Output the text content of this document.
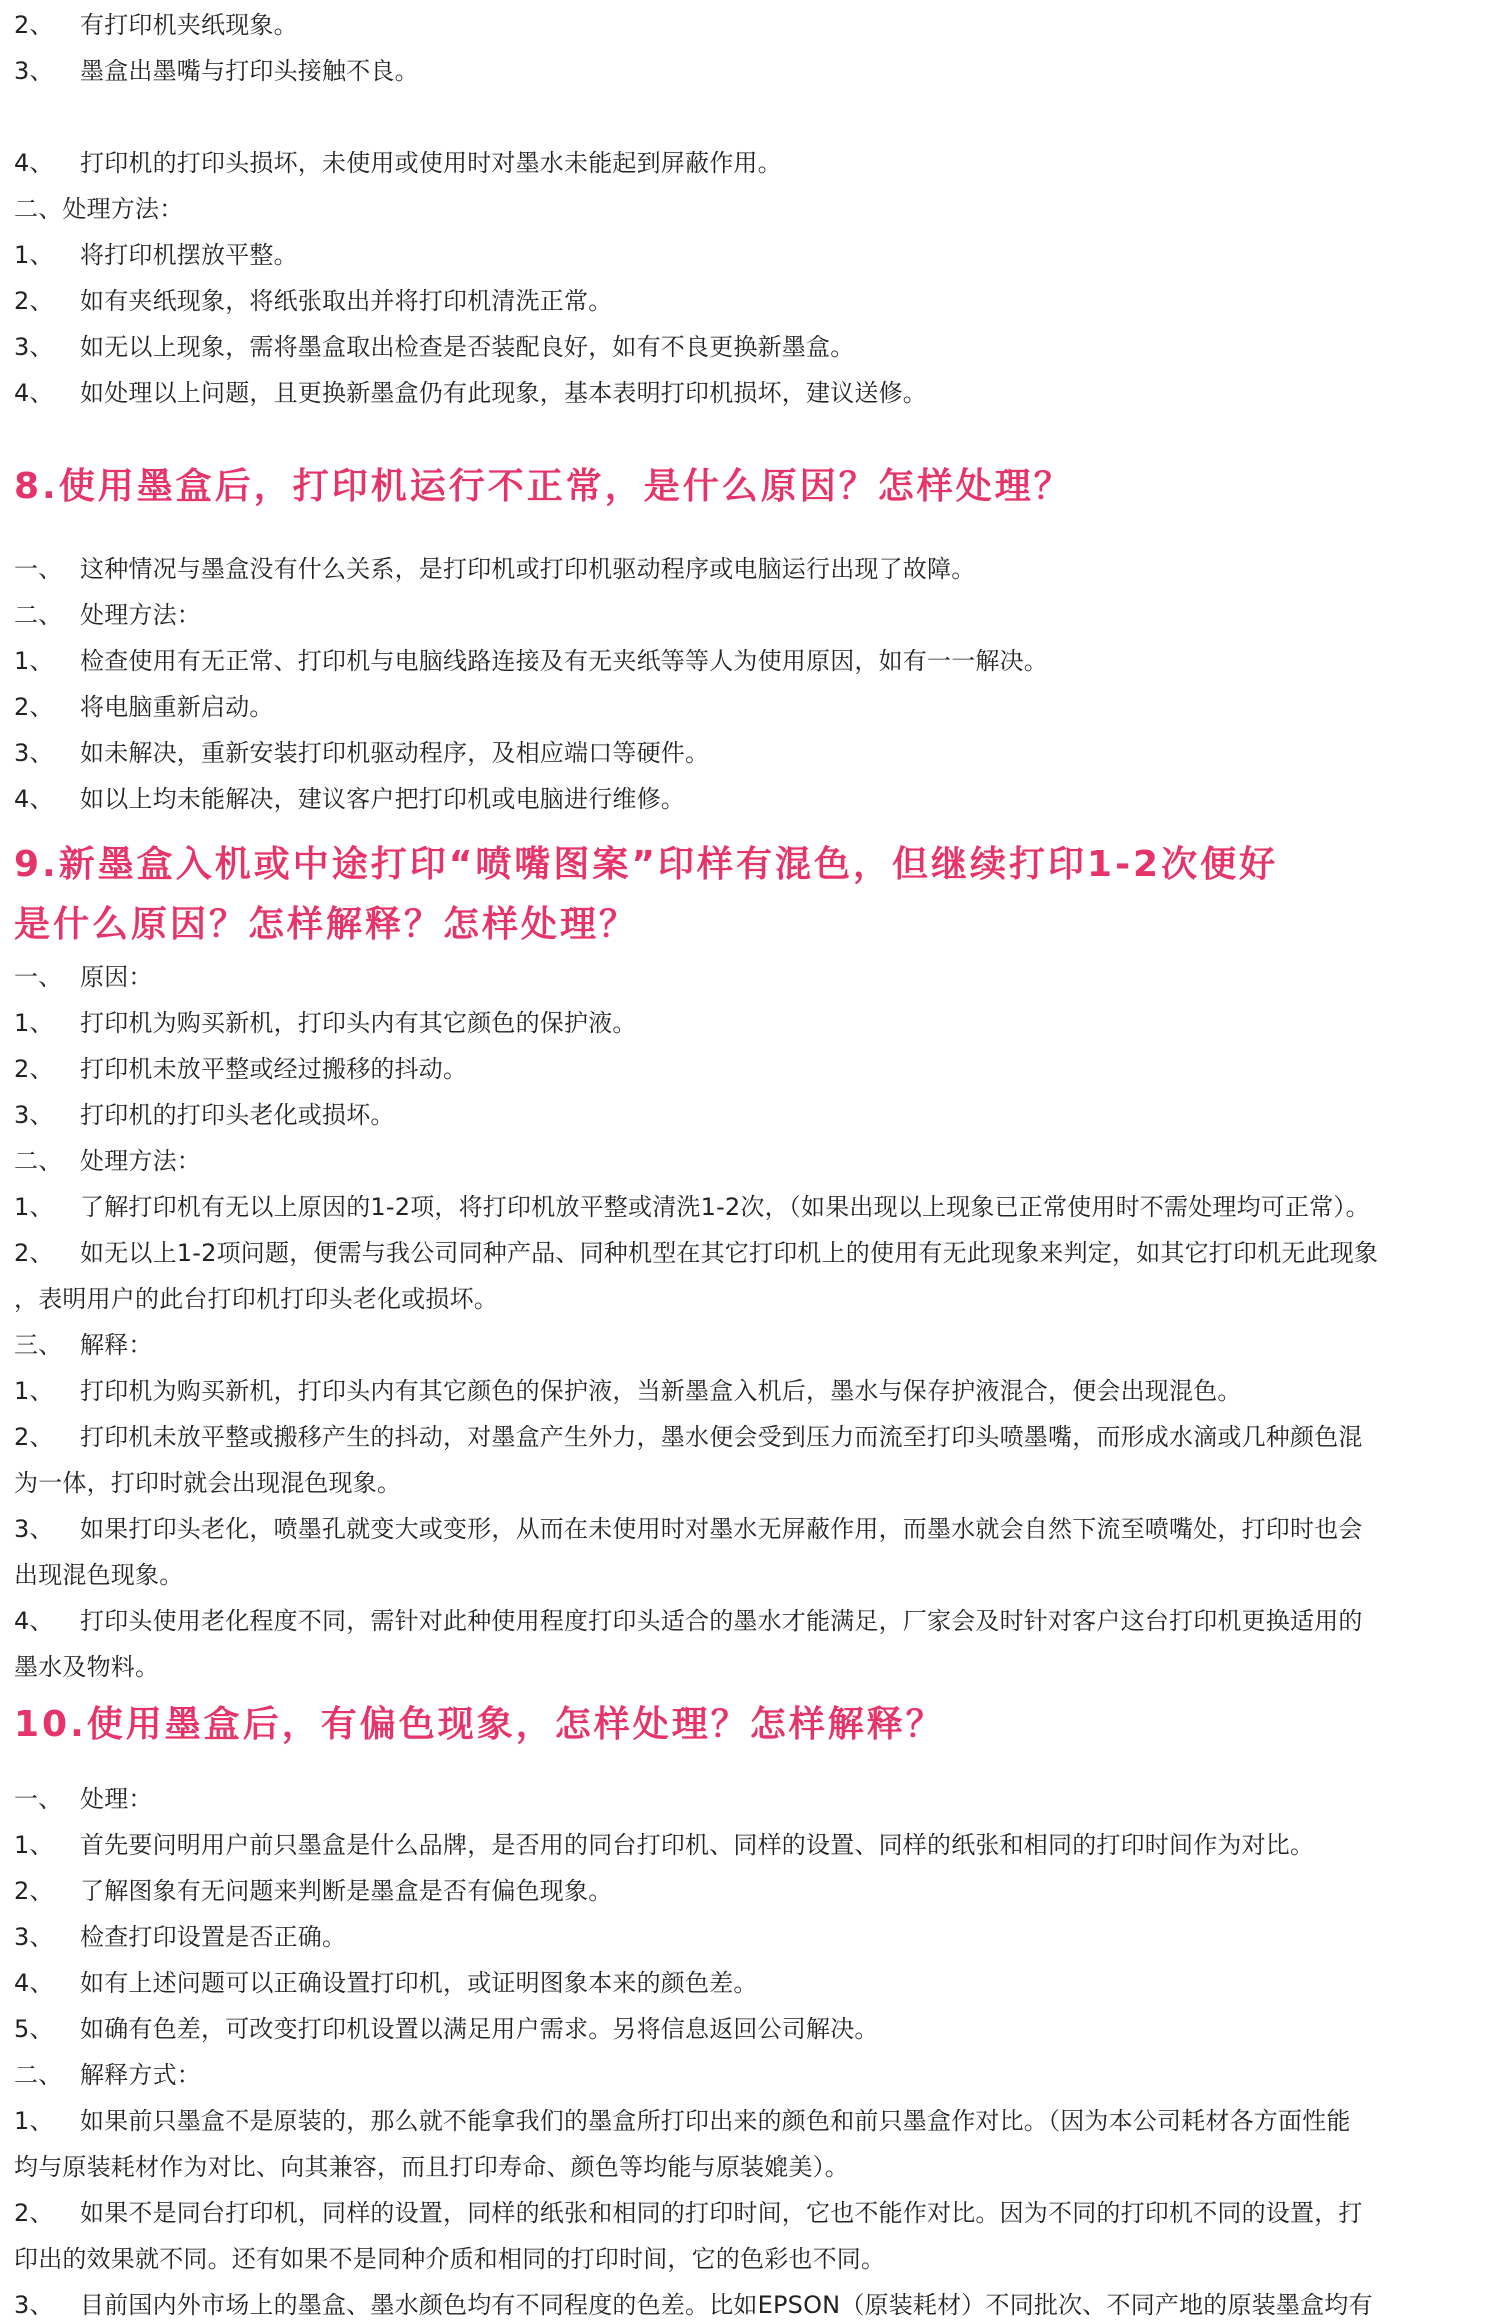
2、 有打印机夹纸现象。
3、 墨盒出墨嘴与打印头接触不良。
4、 打印机的打印头损坏，未使用或使用时对墨水未能起到屏蔽作用。
二、处理方法：
1、 将打印机摆放平整。
2、 如有夹纸现象，将纸张取出并将打印机清洗正常。
3、 如无以上现象，需将墨盒取出检查是否装配良好，如有不良更换新墨盒。
4、 如处理以上问题，且更换新墨盒仍有此现象，基本表明打印机损坏，建议送修。
一、 这种情况与墨盒没有什么关系，是打印机或打印机驱动程序或电脑运行出现了故障。
二、 处理方法：
1、 检查使用有无正常、打印机与电脑线路连接及有无夹纸等等人为使用原因，如有一一解决。
2、 将电脑重新启动。
3、 如未解决，重新安装打印机驱动程序，及相应端口等硬件。
4、 如以上均未能解决，建议客户把打印机或电脑进行维修。
一、 原因：
1、 打印机为购买新机，打印头内有其它颜色的保护液。
2、 打印机未放平整或经过搬移的抖动。
3、 打印机的打印头老化或损坏。
二、 处理方法：
1、 了解打印机有无以上原因的1-2项，将打印机放平整或清洗1-2次，（如果出现以上现象已正常使用时不需处理均可正常）。
2、 如无以上1-2项问题，便需与我公司同种产品、同种机型在其它打印机上的使用有无此现象来判定，如其它打印机无此现象
，表明用户的此台打印机打印头老化或损坏。
三、 解释：
1、 打印机为购买新机，打印头内有其它颜色的保护液，当新墨盒入机后，墨水与保存护液混合，便会出现混色。
2、 打印机未放平整或搬移产生的抖动，对墨盒产生外力，墨水便会受到压力而流至打印头喷墨嘴，而形成水滴或几种颜色混
为一体，打印时就会出现混色现象。
3、 如果打印头老化，喷墨孔就变大或变形，从而在未使用时对墨水无屏蔽作用，而墨水就会自然下流至喷嘴处，打印时也会
出现混色现象。
4、 打印头使用老化程度不同，需针对此种使用程度打印头适合的墨水才能满足，厂家会及时针对客户这台打印机更换适用的
墨水及物料。
一、 处理：
1、 首先要问明用户前只墨盒是什么品牌，是否用的同台打印机、同样的设置、同样的纸张和相同的打印时间作为对比。
2、 了解图象有无问题来判断是墨盒是否有偏色现象。
3、 检查打印设置是否正确。
4、 如有上述问题可以正确设置打印机，或证明图象本来的颜色差。
5、 如确有色差，可改变打印机设置以满足用户需求。另将信息返回公司解决。
二、 解释方式：
1、 如果前只墨盒不是原装的，那么就不能拿我们的墨盒所打印出来的颜色和前只墨盒作对比。（因为本公司耗材各方面性能
均与原装耗材作为对比、向其兼容，而且打印寿命、颜色等均能与原装媲美）。
2、 如果不是同台打印机，同样的设置，同样的纸张和相同的打印时间，它也不能作对比。因为不同的打印机不同的设置，打
印出的效果就不同。还有如果不是同种介质和相同的打印时间，它的色彩也不同。
3、 目前国内外市场上的墨盒、墨水颜色均有不同程度的色差。比如EPSON（原装耗材）不同批次、不同产地的原装墨盒均有
8.使用墨盒后，打印机运行不正常，是什么原因？怎样处理？
9.新墨盒入机或中途打印“喷嘴图案”印样有混色，但继续打印1-2次便好
是什么原因？怎样解释？怎样处理？
10.使用墨盒后，有偏色现象，怎样处理？怎样解释？
